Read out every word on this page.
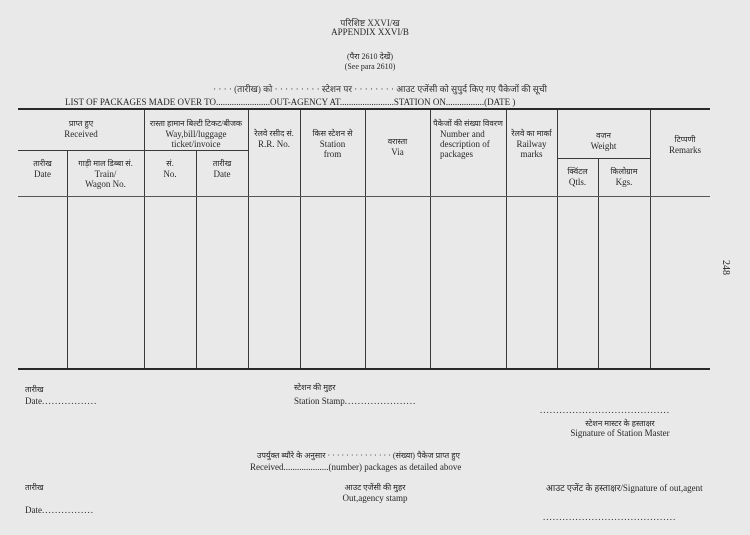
परिशिष्ट XXVI/ख
APPENDIX XXVI/B
(पैरा 2610 देखें)
(See para 2610)
· · · · (तारीख) को · · · · · · · · · स्टेशन पर · · · · · · · · आउट एजेंसी को सुपुर्द किए गए पैकेजों की सूची
LIST OF PACKAGES MADE OVER TO........................OUT-AGENCY AT........................STATION ON.................(DATE )
प्राप्त हुए
Received
तारीख
Date
गाड़ी माल डिब्बा सं.
Train/
Wagon No.
रास्ता हामान बिल्टी टिकट/बीजक
Way,bill/luggage ticket/invoice
सं.
No.
तारीख
Date
रेलवे रसीद सं.
R.R. No.
किस स्टेशन से
Station
from
वरास्ता
Via
पैकेजों की संख्या विवरण
Number and
description of
packages
रेलवे का मार्का
Railway
marks
वजन
Weight
क्विंटल
Qtls.
किलोग्राम
Kgs.
टिप्पणी
Remarks
248
तारीख
Date.................
स्टेशन की मुहर
Station Stamp......................
........................................
स्टेशन मास्टर के हस्ताक्षर
Signature of Station Master
उपर्युक्त ब्यौरे के अनुसार · · · · · · · · · · · · · · (संख्या) पैकेज प्राप्त हुए
Received....................(number) packages as detailed above
तारीख	आउट एजेंसी की मुहर
Out,agency stamp
आउट एजेंट के हस्ताक्षर/Signature of out,agent
Date................
.........................................
